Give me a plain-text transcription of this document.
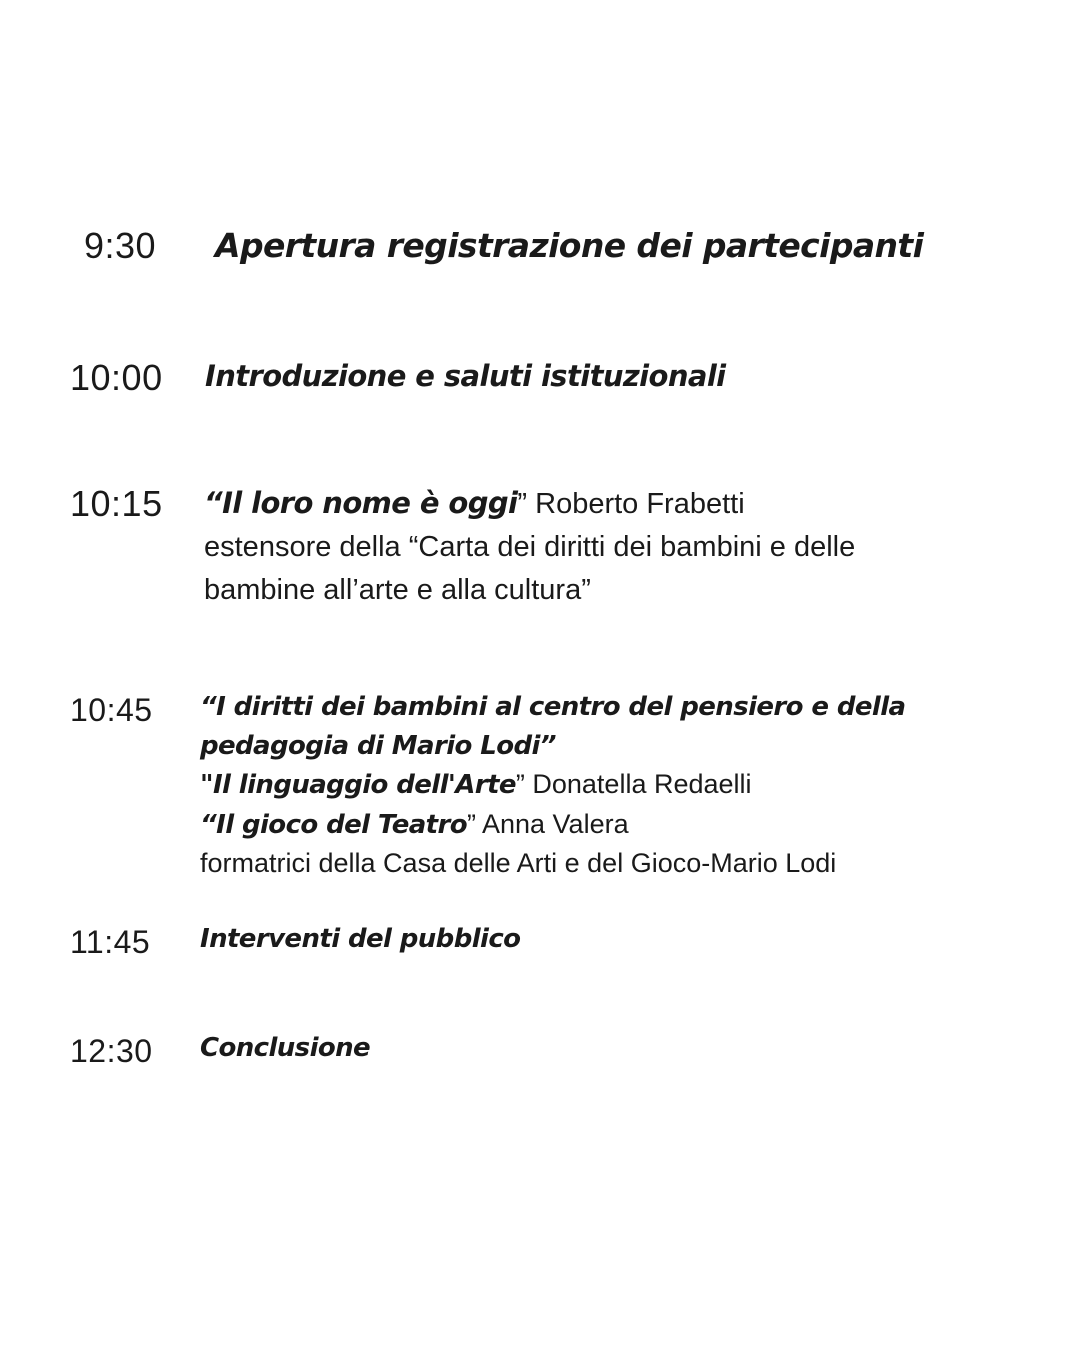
9:30 Apertura registrazione dei partecipanti
10:00 Introduzione e saluti istituzionali
10:15 “Il loro nome è oggi” Roberto Frabetti
estensore della “Carta dei diritti dei bambini e delle
bambine all’arte e alla cultura”
10:45 “I diritti dei bambini al centro del pensiero e della
pedagogia di Mario Lodi”
"Il linguaggio dell'Arte” Donatella Redaelli
“Il gioco del Teatro” Anna Valera
formatrici della Casa delle Arti e del Gioco-Mario Lodi
11:45 Interventi del pubblico
12:30 Conclusione
